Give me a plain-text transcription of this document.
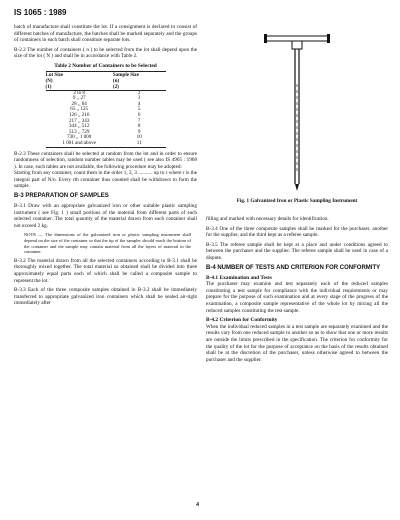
IS 1065 : 1989

batch of manufacture shall constitute the lot. If a consignment is declared to consist of different batches of manufacture, the batches shall be marked separately and the groups of containers in each batch shall constitute separate lots.

B-2.2 The number of containers ( n ) to be selected from the lot shall depend upon the size of the lot ( N ) and shall be in accordance with Table 2.

Table 2 Number of Containers to be Selected

Lot Size	Sample Size
(N)	(n)
(1)	(2)
2 to 8	2
9 ,, 27	3
28 ,, 64	4
65 ,, 125	5
126 ,, 216	6
217 ,, 343	7
344 ,, 512	8
513 ,, 729	9
730 ,, 1 000	10
1 001 and above	11

B-2.3 These containers shall be selected at random from the lot and in order to ensure randomness of selection, random number tables may be used ( see also IS 4905 : 1968 ). In case, such tables are not available, the following procedure may be adopted:

Starting from any container, count them in the order 1, 2, 3 ........... up to r where r is the integral part of N/n. Every rth container thus counted shall be withdrawn to form the sample.

B-3 PREPARATION OF SAMPLES

B-3.1 Draw with an appropriate galvanized iron or other suitable plastic sampling instrument ( see Fig. 1 ) small portions of the material from different parts of each selected container. The total quantity of the material drawn from each container shall not exceed 2 kg.

NOTE — The dimensions of the galvanized iron or plastic sampling instrument shall depend on the size of the container so that the tip of the sampler should reach the bottom of the container and the sample may contain material from all the layers of material in the container.

B-3.2 The material drawn from all the selected containers according to B-3.1 shall be thoroughly mixed together. The total material so obtained shall be divided into three approximately equal parts each of which shall be called a composite sample to represent the lot.

B-3.3 Each of the three composite samples obtained in B-3.2 shall be immediately transferred to appropriate galvanized iron containers which shall be sealed air-tight immediately after

Fig. 1 Galvanized Iron or Plastic Sampling Instrument

filling and marked with necessary details for identification.

B-3.4 One of the three composite samples shall be marked for the purchaser, another for the supplier, and the third kept as a referee sample.

B-3.5 The referee sample shall be kept at a place and under conditions agreed to between the purchaser and the supplier. The referee sample shall be used in case of a dispute.

B-4 NUMBER OF TESTS AND CRITERION FOR CONFORMITY

B-4.1 Examination and Tests

The purchaser may examine and test separately each of the reduced samples constituting a test sample for compliance with the individual requirements or may prepare for the purpose of such examination and at every stage of the progress of the examination, a composite sample representative of the whole lot by mixing all the reduced samples constituting the test sample.

B-4.2 Criterion for Conformity

When the individual reduced samples in a test sample are separately examined and the results vary from one reduced sample to another so as to show that one or more results are outside the limits prescribed in the specification. The criterion for conformity for the quality of the lot for the purpose of acceptance on the basis of the results obtained shall be at the discretion of the purchaser, unless otherwise agreed to between the purchaser and the supplier.

4
